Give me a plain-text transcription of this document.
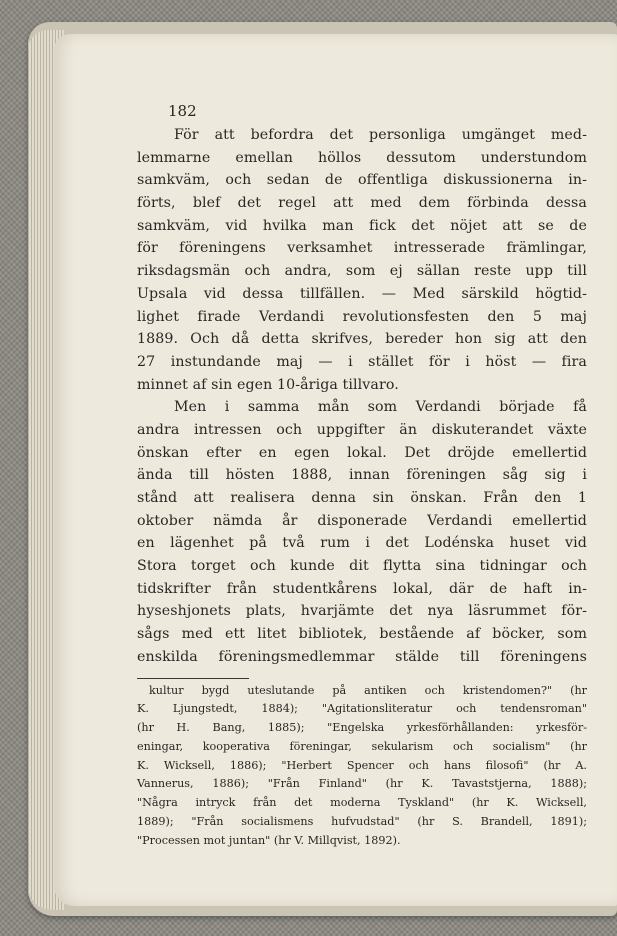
182
För att befordra det personliga umgänget med-
lemmarne emellan höllos dessutom understundom
samkväm, och sedan de offentliga diskussionerna in-
förts, blef det regel att med dem förbinda dessa
samkväm, vid hvilka man fick det nöjet att se de
för föreningens verksamhet intresserade främlingar,
riksdagsmän och andra, som ej sällan reste upp till
Upsala vid dessa tillfällen. — Med särskild högtid-
lighet firade Verdandi revolutionsfesten den 5 maj
1889. Och då detta skrifves, bereder hon sig att den
27 instundande maj — i stället för i höst — fira
minnet af sin egen 10-åriga tillvaro.
Men i samma mån som Verdandi började få
andra intressen och uppgifter än diskuterandet växte
önskan efter en egen lokal. Det dröjde emellertid
ända till hösten 1888, innan föreningen såg sig i
stånd att realisera denna sin önskan. Från den 1
oktober nämda år disponerade Verdandi emellertid
en lägenhet på två rum i det Lodénska huset vid
Stora torget och kunde dit flytta sina tidningar och
tidskrifter från studentkårens lokal, där de haft in-
hyseshjonets plats, hvarjämte det nya läsrummet för-
sågs med ett litet bibliotek, bestående af böcker, som
enskilda föreningsmedlemmar stälde till föreningens
kultur bygd uteslutande på antiken och kristendomen?" (hr
K. Ljungstedt, 1884); "Agitationsliteratur och tendensroman"
(hr H. Bang, 1885); "Engelska yrkesförhållanden: yrkesför-
eningar, kooperativa föreningar, sekularism och socialism" (hr
K. Wicksell, 1886); "Herbert Spencer och hans filosofi" (hr A.
Vannerus, 1886); "Från Finland" (hr K. Tavaststjerna, 1888);
"Några intryck från det moderna Tyskland" (hr K. Wicksell,
1889); "Från socialismens hufvudstad" (hr S. Brandell, 1891);
"Processen mot juntan" (hr V. Millqvist, 1892).
